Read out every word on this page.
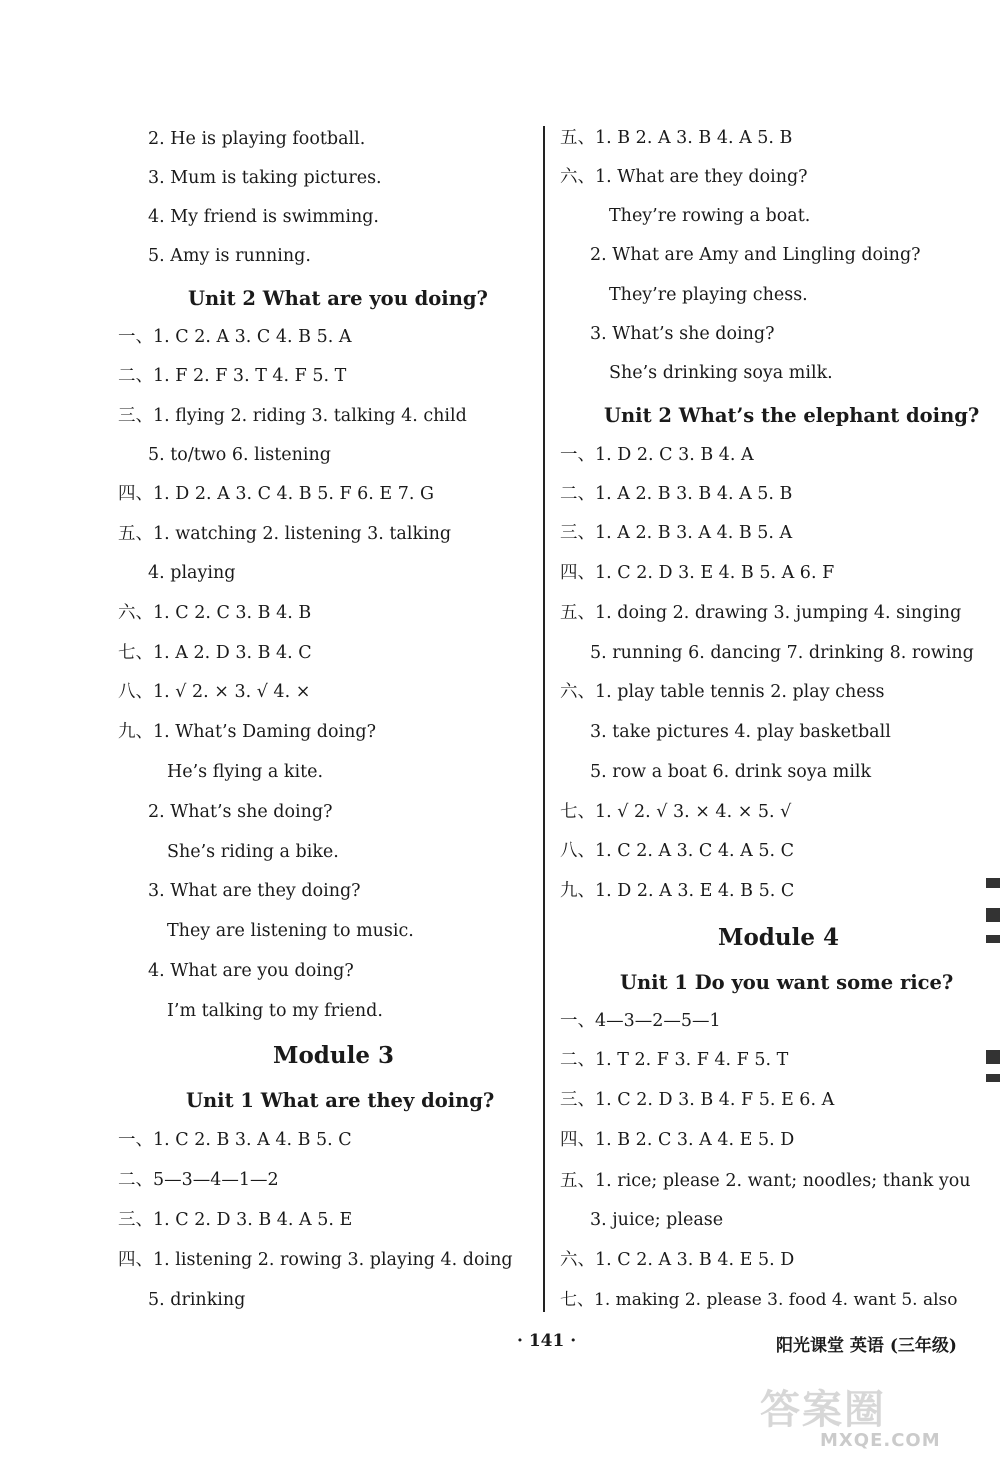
2. He is playing football.
3. Mum is taking pictures.
4. My friend is swimming.
5. Amy is running.
Unit 2 What are you doing?
一、1. C 2. A 3. C 4. B 5. A
二、1. F 2. F 3. T 4. F 5. T
三、1. flying 2. riding 3. talking 4. child
5. to/two 6. listening
四、1. D 2. A 3. C 4. B 5. F 6. E 7. G
五、1. watching 2. listening 3. talking
4. playing
六、1. C 2. C 3. B 4. B
七、1. A 2. D 3. B 4. C
八、1. √ 2. × 3. √ 4. ×
九、1. What’s Daming doing?
He’s flying a kite.
2. What’s she doing?
She’s riding a bike.
3. What are they doing?
They are listening to music.
4. What are you doing?
I’m talking to my friend.
Module 3
Unit 1 What are they doing?
一、1. C 2. B 3. A 4. B 5. C
二、5—3—4—1—2
三、1. C 2. D 3. B 4. A 5. E
四、1. listening 2. rowing 3. playing 4. doing
5. drinking
五、1. B 2. A 3. B 4. A 5. B
六、1. What are they doing?
They’re rowing a boat.
2. What are Amy and Lingling doing?
They’re playing chess.
3. What’s she doing?
She’s drinking soya milk.
Unit 2 What’s the elephant doing?
一、1. D 2. C 3. B 4. A
二、1. A 2. B 3. B 4. A 5. B
三、1. A 2. B 3. A 4. B 5. A
四、1. C 2. D 3. E 4. B 5. A 6. F
五、1. doing 2. drawing 3. jumping 4. singing
5. running 6. dancing 7. drinking 8. rowing
六、1. play table tennis 2. play chess
3. take pictures 4. play basketball
5. row a boat 6. drink soya milk
七、1. √ 2. √ 3. × 4. × 5. √
八、1. C 2. A 3. C 4. A 5. C
九、1. D 2. A 3. E 4. B 5. C
Module 4
Unit 1 Do you want some rice?
一、4—3—2—5—1
二、1. T 2. F 3. F 4. F 5. T
三、1. C 2. D 3. B 4. F 5. E 6. A
四、1. B 2. C 3. A 4. E 5. D
五、1. rice; please 2. want; noodles; thank you
3. juice; please
六、1. C 2. A 3. B 4. E 5. D
七、1. making 2. please 3. food 4. want 5. also
· 141 ·	阳光课堂 英语 (三年级)
答案圈
MXQE.COM
